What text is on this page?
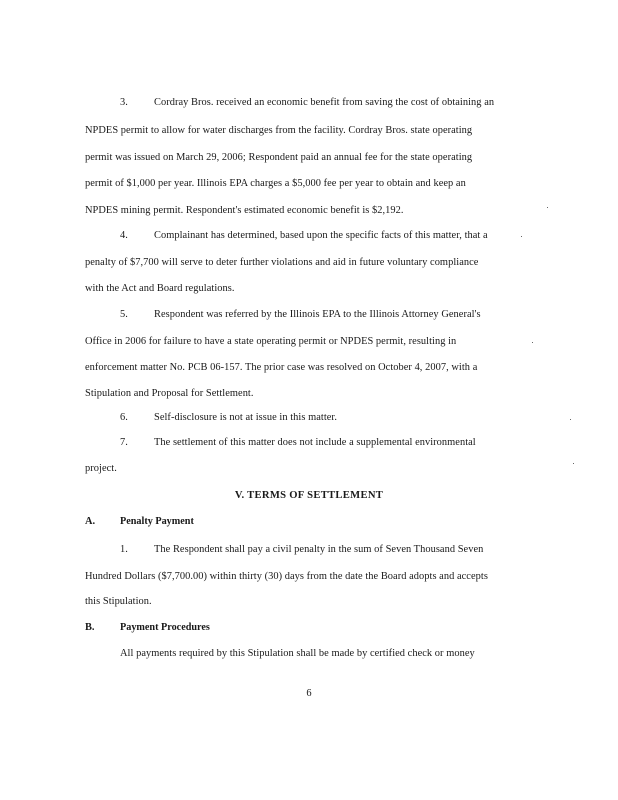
3.	Cordray Bros. received an economic benefit from saving the cost of obtaining an
NPDES permit to allow for water discharges from the facility. Cordray Bros. state operating
permit was issued on March 29, 2006; Respondent paid an annual fee for the state operating
permit of $1,000 per year. Illinois EPA charges a $5,000 fee per year to obtain and keep an
NPDES mining permit. Respondent's estimated economic benefit is $2,192.
4.	Complainant has determined, based upon the specific facts of this matter, that a
penalty of $7,700 will serve to deter further violations and aid in future voluntary compliance
with the Act and Board regulations.
5.	Respondent was referred by the Illinois EPA to the Illinois Attorney General's
Office in 2006 for failure to have a state operating permit or NPDES permit, resulting in
enforcement matter No. PCB 06-157. The prior case was resolved on October 4, 2007, with a
Stipulation and Proposal for Settlement.
6.	Self-disclosure is not at issue in this matter.
7.	The settlement of this matter does not include a supplemental environmental
project.
V. TERMS OF SETTLEMENT
A. Penalty Payment
1.	The Respondent shall pay a civil penalty in the sum of Seven Thousand Seven
Hundred Dollars ($7,700.00) within thirty (30) days from the date the Board adopts and accepts
this Stipulation.
B. Payment Procedures
All payments required by this Stipulation shall be made by certified check or money
6
